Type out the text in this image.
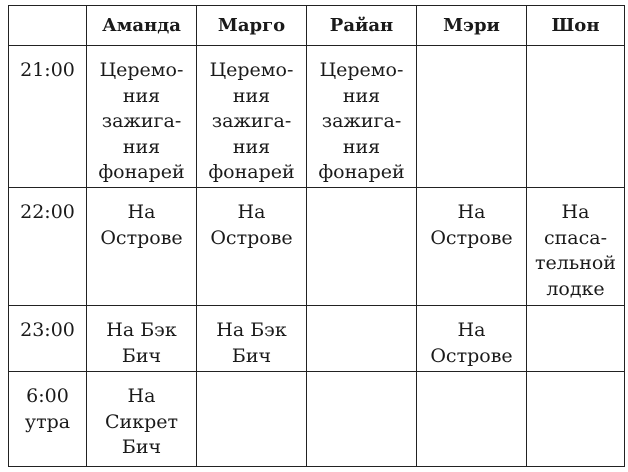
	Аманда	Марго	Райан	Мэри	Шон

21:00	Церемо-
ния
зажига-
ния
фонарей	Церемо-
ния
зажига-
ния
фонарей	Церемо-
ния
зажига-
ния
фонарей		

22:00	На
Острове	На
Острове		На
Острове	На
спаса-
тельной
лодке

23:00	На Бэк
Бич	На Бэк
Бич		На
Острове	

6:00
утра	На
Сикрет
Бич				
